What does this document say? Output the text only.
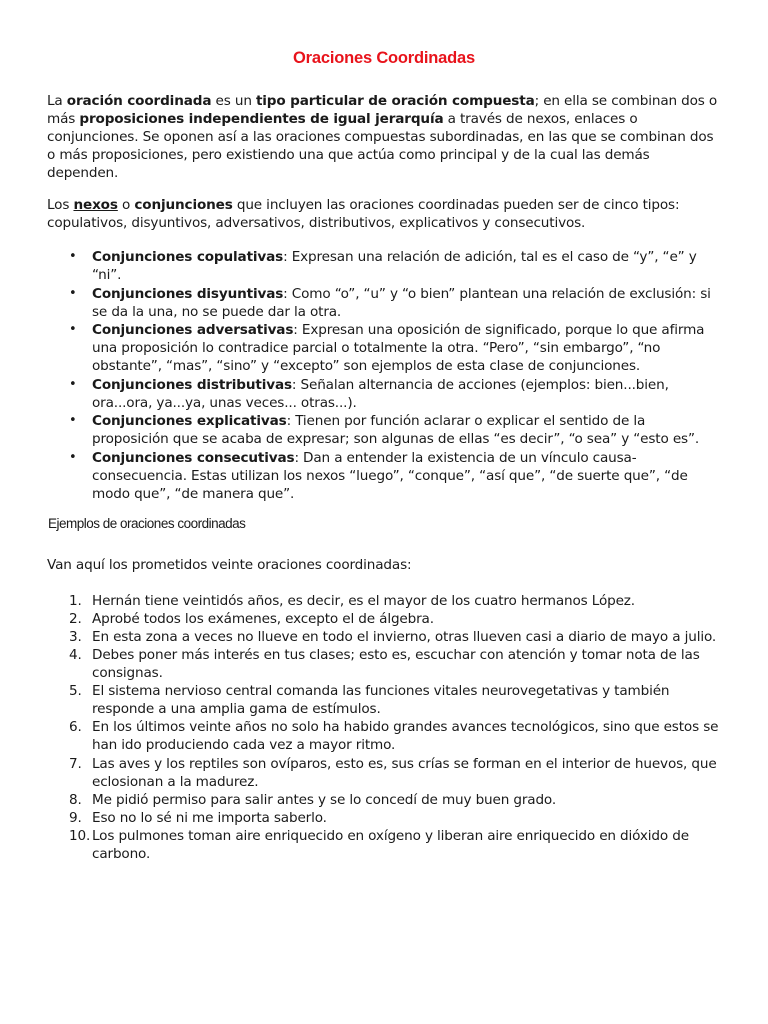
Oraciones Coordinadas
La oración coordinada es un tipo particular de oración compuesta; en ella se combinan dos o más proposiciones independientes de igual jerarquía a través de nexos, enlaces o conjunciones. Se oponen así a las oraciones compuestas subordinadas, en las que se combinan dos o más proposiciones, pero existiendo una que actúa como principal y de la cual las demás dependen.
Los nexos o conjunciones que incluyen las oraciones coordinadas pueden ser de cinco tipos: copulativos, disyuntivos, adversativos, distributivos, explicativos y consecutivos.
• Conjunciones copulativas: Expresan una relación de adición, tal es el caso de “y”, “e” y “ni”.
• Conjunciones disyuntivas: Como “o”, “u” y “o bien” plantean una relación de exclusión: si se da la una, no se puede dar la otra.
• Conjunciones adversativas: Expresan una oposición de significado, porque lo que afirma una proposición lo contradice parcial o totalmente la otra. “Pero”, “sin embargo”, “no obstante”, “mas”, “sino” y “excepto” son ejemplos de esta clase de conjunciones.
• Conjunciones distributivas: Señalan alternancia de acciones (ejemplos: bien...bien, ora...ora, ya...ya, unas veces... otras...).
• Conjunciones explicativas: Tienen por función aclarar o explicar el sentido de la proposición que se acaba de expresar; son algunas de ellas “es decir”, “o sea” y “esto es”.
• Conjunciones consecutivas: Dan a entender la existencia de un vínculo causa-consecuencia. Estas utilizan los nexos “luego”, “conque”, “así que”, “de suerte que”, “de modo que”, “de manera que”.
Ejemplos de oraciones coordinadas
Van aquí los prometidos veinte oraciones coordinadas:
1. Hernán tiene veintidós años, es decir, es el mayor de los cuatro hermanos López.
2. Aprobé todos los exámenes, excepto el de álgebra.
3. En esta zona a veces no llueve en todo el invierno, otras llueven casi a diario de mayo a julio.
4. Debes poner más interés en tus clases; esto es, escuchar con atención y tomar nota de las consignas.
5. El sistema nervioso central comanda las funciones vitales neurovegetativas y también responde a una amplia gama de estímulos.
6. En los últimos veinte años no solo ha habido grandes avances tecnológicos, sino que estos se han ido produciendo cada vez a mayor ritmo.
7. Las aves y los reptiles son ovíparos, esto es, sus crías se forman en el interior de huevos, que eclosionan a la madurez.
8. Me pidió permiso para salir antes y se lo concedí de muy buen grado.
9. Eso no lo sé ni me importa saberlo.
10. Los pulmones toman aire enriquecido en oxígeno y liberan aire enriquecido en dióxido de carbono.
